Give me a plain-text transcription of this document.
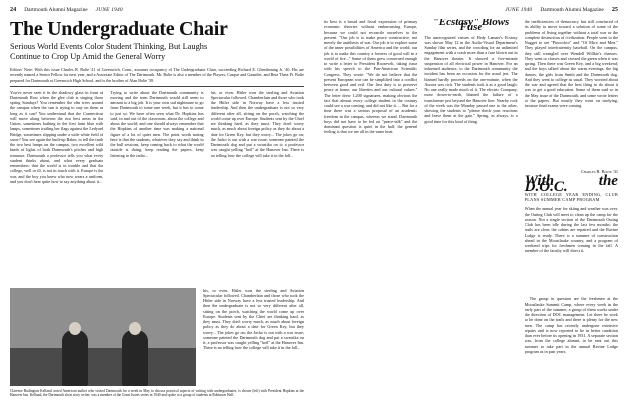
24 Dartmouth Alumni Magazine JUNE 1940
The Undergraduate Chair
Serious World Events Color Student Thinking, But Laughs Continue to Crop Up Amid the General Worry
Editors' Note: With this issue Charles B. Bolte '41 of Greenwich, Conn., assumes occupancy of The Undergraduate Chair, succeeding Richard E. Glendinning Jr. '40. His are recently named a Senior Fellow for next year, and a Associate Editor of The Dartmouth. Mr. Bolte is also a member of the Players, Casque and Gauntlet, and Beta Theta Pi. Bolte prepared for Dartmouth at Greenwich High School, and is the brother of Alan Bolte '39.

You've never seen it in the shadowy glass in front of Dartmouth Row when the glee club is singing those spring Sundays? You remember the elm trees around the campus when the sun is trying to stay on them as long as it can? You understand that the Connecticut will move along between the two best areas in the Union, sometimes bathing in the first faint blue with lamps, sometimes trailing her flags against the Ledyard Bridge, sometimes slipping under a wide white field of snow? You see again the built-up Baker, to tell the truth the two best lamps on the campus, two excellent wild kinds of lights of both Dartmouth's pitches and high romance. Dartmouth a professor tells you what every student thinks about, and what every graduate remembers: that the world is in trouble and that the college, well or ill, is not in touch with it. Europe is the war, and the boy you knew who now wears a uniform, and you don't hear quite how to say anything about it...

Trying to write about the Dartmouth community is moving and the term Dartmouth would still seem to amount to a big job. It is your own sad nightmare to go from Dartmouth to some one week, but it has to come to just so. We have often seen what Dr. Hopkins has said, in and out of the classroom, about the college and about the world; and one should always remember that the Hopkins of another time was making a national figure of a lot of quiet men. The point worth noting here is that the students, whatever they say and think in the bull sessions, keep coming back to what the world outside is doing, keep reading the papers, keep listening to the radio...

his, or even. Hitler won the sterling and Aviation Spectacular followed. Chamberlain and those who took the Hitler side in Norway have a less trusted leadership. And then the undergraduate is not so very different after all, sitting on the porch, watching the world come up over Europe. Students sent by the Chief are thinking hard, as they must. They don't worry much, as much about foreign policy as they do about a date for Green Key, but they worry... The jokes go on; the Jacko is out with a war issue; someone painted the Dartmouth dog and put a swastika on it; a professor was caught yelling "heil" at the Hanover Inn. There is no telling how the college will take it in the fall...

his, or even. Hitler won the sterling and Aviation Spectacular followed. Chamberlain and those who took the Hitler side in Norway have a less trusted leadership. And then the undergraduate is not so very different after all, sitting on the porch, watching the world come up over Europe. Students sent by the Chief are thinking hard, as they must. They don't worry much, as much about foreign policy as they do about a date for Green Key, but they worry... The jokes go on; the Jacko is out with a war issue; someone painted the Dartmouth dog and put a swastika on it; a professor was caught yelling "heil" at the Hanover Inn. There is no telling how the college will take it in the fall...

Clarence Budington Kelland, noted American author who visited Dartmouth for a week in May to discuss practical aspects of writing with undergraduates, is shown (left) with President Hopkins at the Hanover Inn. Kelland, the Dartmouth short story writer, was a member of the Great Issues series in 1940 and spoke to a group of students at Robinson Hall.
JUNE 1940 Dartmouth Alumni Magazine 25

its best is a broad and fiscal expression of primary economic theories without embarrassing Europe, because we could not reconcile ourselves to the present. "Our job is to make peace constructive, not merely the antithesis of war. Our job is to explore some of the inner possibilities of America and the world; our job is to make this country a fortress of good will in a world of fire..." Some of them grew concerned enough to write a letter to President Roosevelt, taking issue with his speech to the Pan-American Scientific Congress. They wrote: "We do not believe that the present European war can be simplified into a conflict between good and evil. Our first duty is to preserve peace at home, our liberties and our cultural values." The letter drew 1,200 signatures, making obvious the fact that almost every college student in the country could see a war coming, and did not like it. ... But for a time there was a serious proposal of an academic freedom in the campus, whereas we stand. Dartmouth boys did not have to be fed on "peace-talk" and the dominant question is quiet in the hall; the general feeling is that we are all in the same boat.

"Ecstasy" Blows Fuse

The unrecognized virtues of Hedy Lamarr's Ecstasy was shown May 12 in the Audio-Visual Department's Sunday film series, and the crowding for an unlimited engagement with a crash more than a fuse blown out in the Hanover theater. It showed a five-minute suspension of all electrical power in Hanover. For an informed audience, to the Dartmouth community the incident has been an occasion for the usual jest. The blamed hardly proceeds on the one-minute, when the Aurora was rich. The students took it as a good laugh: No one really made much of it. The electric Company, more down-to-earth, blamed the failure of a transformer just beyond the Hanover line. Nearby rock of the week was the Monday passed one to the other, showing the students to "please check your reactions and leave them at the gate." Spring, as always, is a good time for this kind of thing.

the inefficiencies of democracy but still convinced of its ability to move toward a solution of some of the problems of living together without a total war or the complete destruction of civilization. People went to the Nugget to see "Pinocchio" and "Of Mice and Men." They played interfraternity baseball. On the campus, they still wrangled over Wendell Willkie's chances. They went to classes and crossed the green when it was spring. Then there was Green Key, and a big weekend; and the boys talked about the warm evenings, the big dances, the girls from Smith and the Dartmouth dog. And they went to college as usual. They worried about the war and agreed that the best thing to do about it was to get a good education. Some of them said so in the May issue of the Dartmouth, and some wrote letters to the papers. But mostly they went on studying, because final exams were coming.

Charles B. Bolte '41
With the D.O.C.
WITH COLLEGE YEAR ENDING, CLUB PLANS SUMMER CAMP PROGRAM

When the annual year for skiing and weather was over, the Outing Club will meet to clean up the camp for the season. Not a single section of the Dartmouth Outing Club has been idle during the last few months; the trails are clear, the cabins are repaired and the Ravine Lodge is ready. There is a summer of construction ahead in the Moosilauke country, and a program of weekend trips for freshmen coming in the fall. A member of the faculty will direct it.

The group in question are the freshmen at the Moosilauke Summit Camp, where every week in the early part of the summer, a group of them works under the direction of DOC management. Let there be work to be done on the trails and there is plenty for the new men. The camp has recently undergone extensive repairs and is now reported to be in better condition than ever before its opening in 1931. A separate section was, from the college alumni, to be sent out this summer to take part in the annual Ravine Lodge program as in past years.
